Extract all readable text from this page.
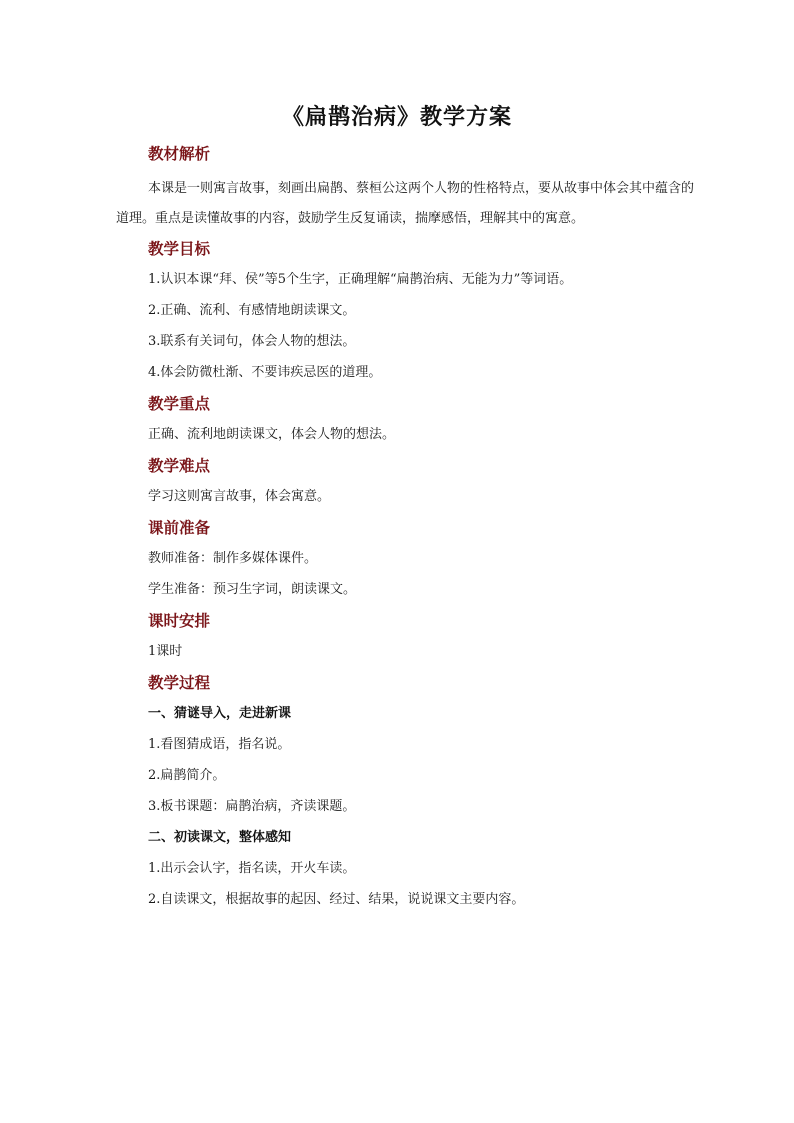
《扁鹊治病》教学方案
教材解析
本课是一则寓言故事，刻画出扁鹊、蔡桓公这两个人物的性格特点，要从故事中体会其中蕴含的道理。重点是读懂故事的内容，鼓励学生反复诵读，揣摩感悟，理解其中的寓意。
教学目标
1.认识本课“拜、侯”等5个生字，正确理解“扁鹊治病、无能为力”等词语。
2.正确、流利、有感情地朗读课文。
3.联系有关词句，体会人物的想法。
4.体会防微杜渐、不要讳疾忌医的道理。
教学重点
正确、流利地朗读课文，体会人物的想法。
教学难点
学习这则寓言故事，体会寓意。
课前准备
教师准备：制作多媒体课件。
学生准备：预习生字词，朗读课文。
课时安排
1课时
教学过程
一、猜谜导入，走进新课
1.看图猜成语，指名说。
2.扁鹊简介。
3.板书课题：扁鹊治病，齐读课题。
二、初读课文，整体感知
1.出示会认字，指名读，开火车读。
2.自读课文，根据故事的起因、经过、结果，说说课文主要内容。
